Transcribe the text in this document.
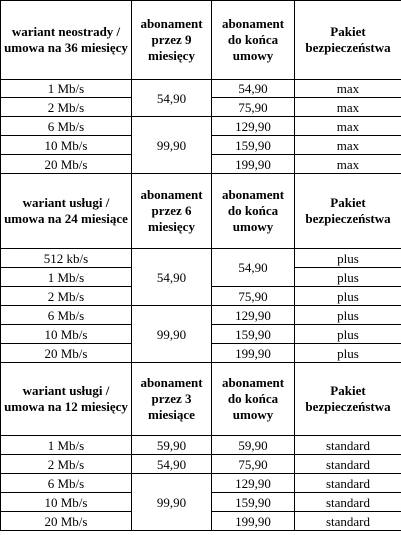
wariant neostrady / umowa na 36 miesięcy	abonament przez 9 miesięcy	abonament do końca umowy	Pakiet bezpieczeństwa
1 Mb/s	54,90	54,90	max
2 Mb/s		75,90	max
6 Mb/s	99,90	129,90	max
10 Mb/s		159,90	max
20 Mb/s		199,90	max
wariant usługi / umowa na 24 miesiące	abonament przez 6 miesięcy	abonament do końca umowy	Pakiet bezpieczeństwa
512 kb/s	54,90	54,90	plus
1 Mb/s			plus
2 Mb/s		75,90	plus
6 Mb/s	99,90	129,90	plus
10 Mb/s		159,90	plus
20 Mb/s		199,90	plus
wariant usługi / umowa na 12 miesięcy	abonament przez 3 miesiące	abonament do końca umowy	Pakiet bezpieczeństwa
1 Mb/s	59,90	59,90	standard
2 Mb/s	54,90	75,90	standard
6 Mb/s	99,90	129,90	standard
10 Mb/s		159,90	standard
20 Mb/s		199,90	standard
